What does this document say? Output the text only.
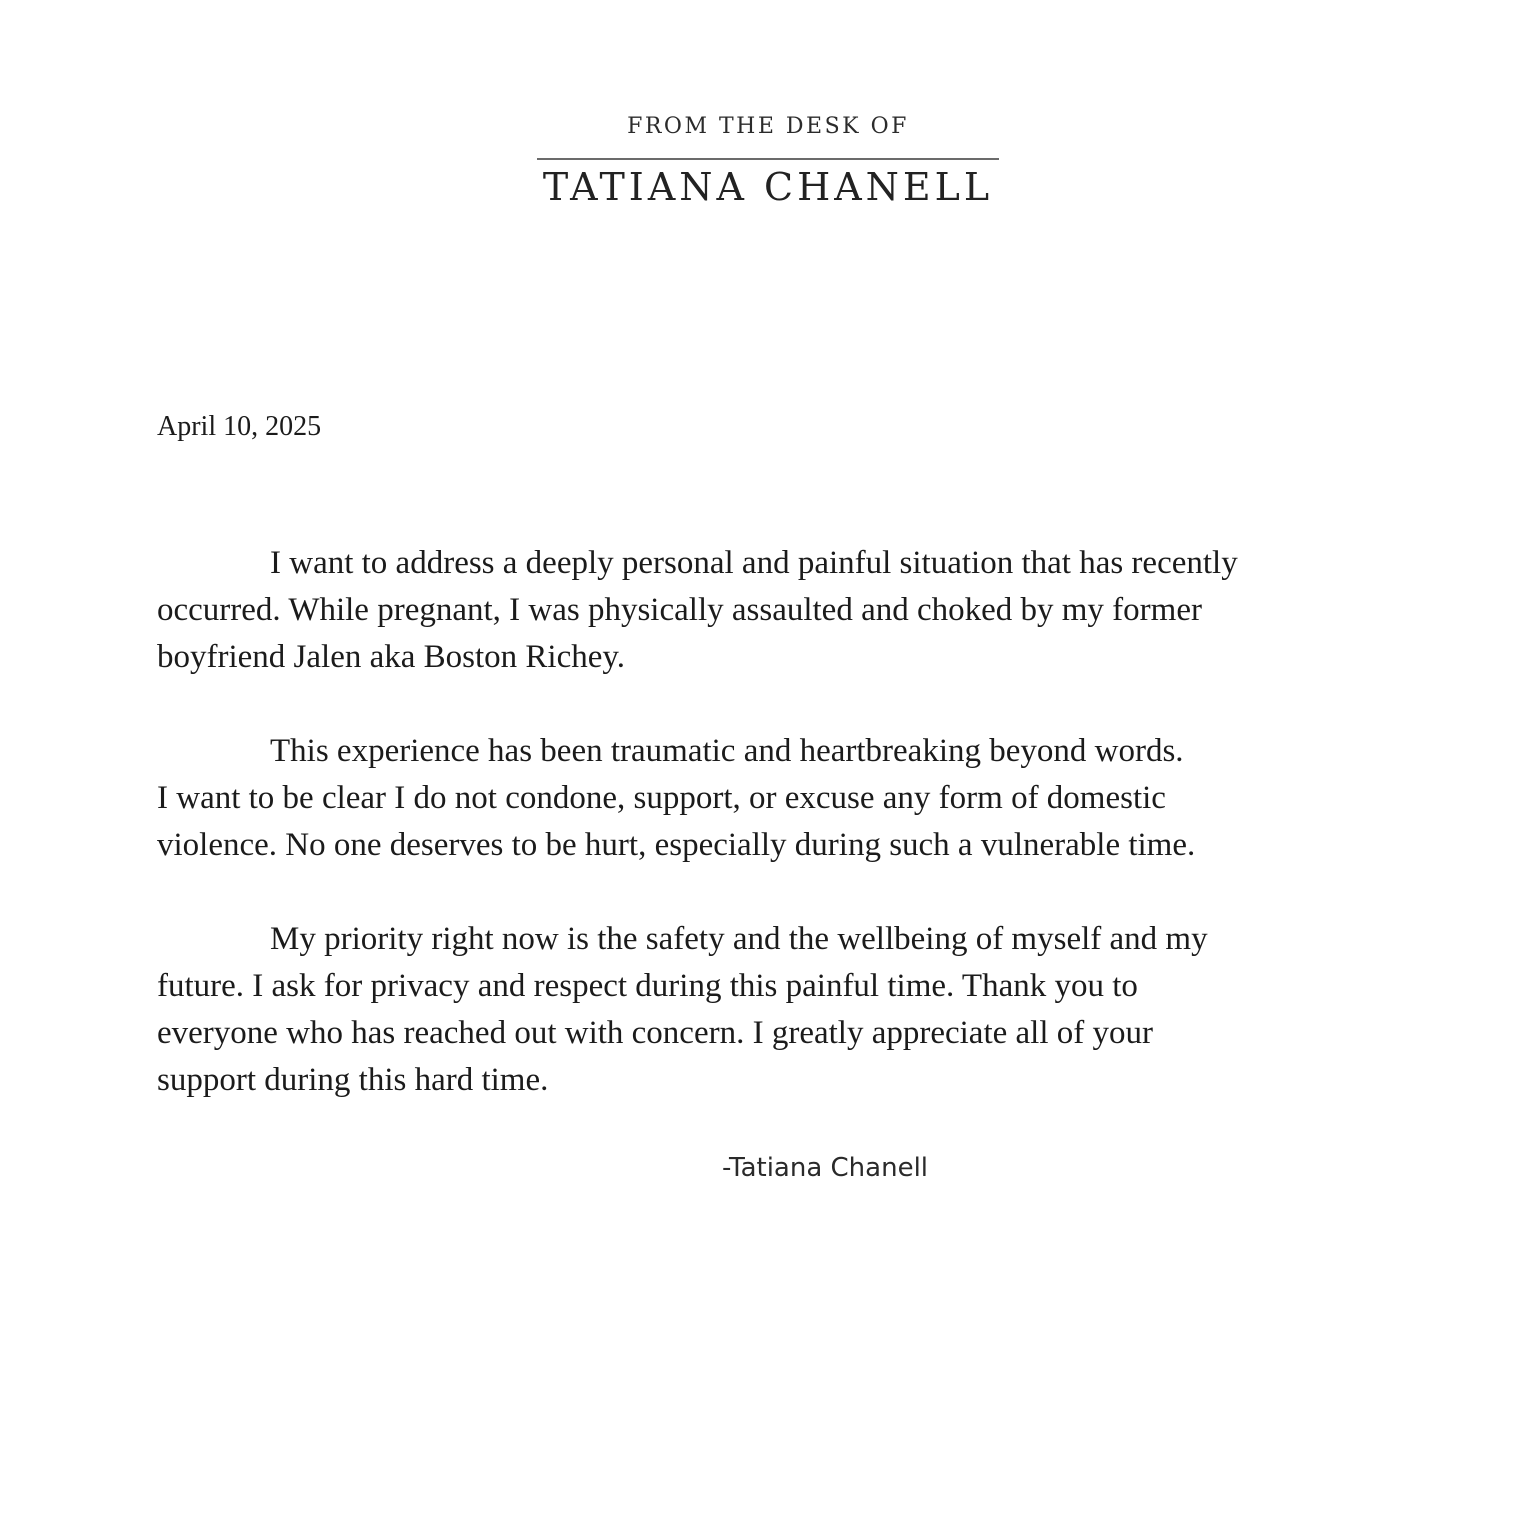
FROM THE DESK OF

TATIANA CHANELL

April 10, 2025

I want to address a deeply personal and painful situation that has recently
occurred. While pregnant, I was physically assaulted and choked by my former
boyfriend Jalen aka Boston Richey.

This experience has been traumatic and heartbreaking beyond words.
I want to be clear I do not condone, support, or excuse any form of domestic
violence. No one deserves to be hurt, especially during such a vulnerable time.

My priority right now is the safety and the wellbeing of myself and my
future. I ask for privacy and respect during this painful time. Thank you to
everyone who has reached out with concern. I greatly appreciate all of your
support during this hard time.

-Tatiana Chanell
